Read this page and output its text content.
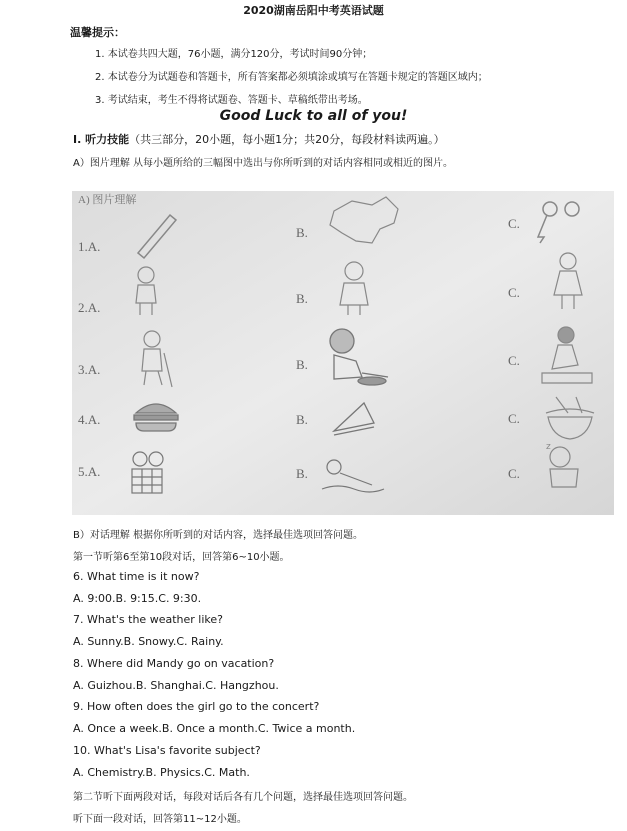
2020湖南岳阳中考英语试题
温馨提示：
1. 本试卷共四大题，76小题，满分120分，考试时间90分钟；
2. 本试卷分为试题卷和答题卡，所有答案都必须填涂或填写在答题卡规定的答题区域内；
3. 考试结束，考生不得将试题卷、答题卡、草稿纸带出考场。
Good Luck to all of you!
Ⅰ. 听力技能（共三部分，20小题，每小题1分；共20分，每段材料读两遍。）
A）图片理解 从每小题所给的三幅图中选出与你所听到的对话内容相同或相近的图片。
A) 图片理解
1.A.
2.A.
3.A.
4.A.
5.A.
B.
B.
B.
B.
B.
C.
C.
C.
C.
C.
z
B）对话理解 根据你所听到的对话内容，选择最佳选项回答问题。
第一节听第6至第10段对话，回答第6~10小题。
6. What time is it now?
A. 9:00.B. 9:15.C. 9:30.
7. What's the weather like?
A. Sunny.B. Snowy.C. Rainy.
8. Where did Mandy go on vacation?
A. Guizhou.B. Shanghai.C. Hangzhou.
9. How often does the girl go to the concert?
A. Once a week.B. Once a month.C. Twice a month.
10. What's Lisa's favorite subject?
A. Chemistry.B. Physics.C. Math.
第二节听下面两段对话，每段对话后各有几个问题，选择最佳选项回答问题。
听下面一段对话，回答第11~12小题。
